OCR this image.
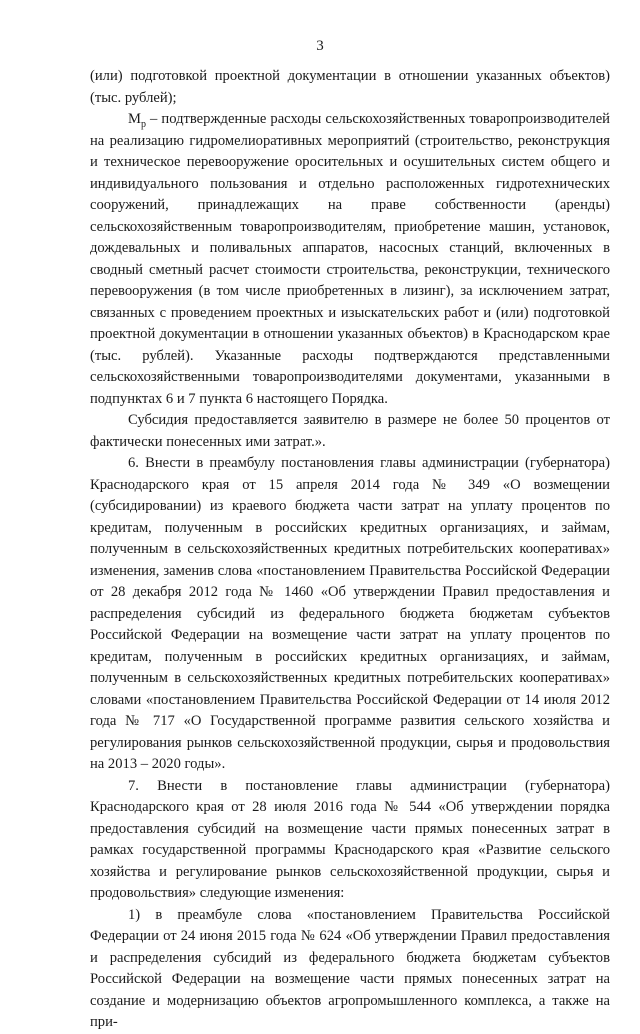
3

(или) подготовкой проектной документации в отношении указанных объектов) (тыс. рублей);

$М_р$ – подтвержденные расходы сельскохозяйственных товаропроизводителей на реализацию гидромелиоративных мероприятий (строительство, реконструкция и техническое перевооружение оросительных и осушительных систем общего и индивидуального пользования и отдельно расположенных гидротехнических сооружений, принадлежащих на праве собственности (аренды) сельскохозяйственным товаропроизводителям, приобретение машин, установок, дождевальных и поливальных аппаратов, насосных станций, включенных в сводный сметный расчет стоимости строительства, реконструкции, технического перевооружения (в том числе приобретенных в лизинг), за исключением затрат, связанных с проведением проектных и изыскательских работ и (или) подготовкой проектной документации в отношении указанных объектов) в Краснодарском крае (тыс. рублей). Указанные расходы подтверждаются представленными сельскохозяйственными товаропроизводителями документами, указанными в подпунктах 6 и 7 пункта 6 настоящего Порядка.

Субсидия предоставляется заявителю в размере не более 50 процентов от фактически понесенных ими затрат.».

6. Внести в преамбулу постановления главы администрации (губернатора) Краснодарского края от 15 апреля 2014 года № 349 «О возмещении (субсидировании) из краевого бюджета части затрат на уплату процентов по кредитам, полученным в российских кредитных организациях, и займам, полученным в сельскохозяйственных кредитных потребительских кооперативах» изменения, заменив слова «постановлением Правительства Российской Федерации от 28 декабря 2012 года № 1460 «Об утверждении Правил предоставления и распределения субсидий из федерального бюджета бюджетам субъектов Российской Федерации на возмещение части затрат на уплату процентов по кредитам, полученным в российских кредитных организациях, и займам, полученным в сельскохозяйственных кредитных потребительских кооперативах» словами «постановлением Правительства Российской Федерации от 14 июля 2012 года № 717 «О Государственной программе развития сельского хозяйства и регулирования рынков сельскохозяйственной продукции, сырья и продовольствия на 2013 – 2020 годы».

7. Внести в постановление главы администрации (губернатора) Краснодарского края от 28 июля 2016 года № 544 «Об утверждении порядка предоставления субсидий на возмещение части прямых понесенных затрат в рамках государственной программы Краснодарского края «Развитие сельского хозяйства и регулирование рынков сельскохозяйственной продукции, сырья и продовольствия» следующие изменения:

1) в преамбуле слова «постановлением Правительства Российской Федерации от 24 июня 2015 года № 624 «Об утверждении Правил предоставления и распределения субсидий из федерального бюджета бюджетам субъектов Российской Федерации на возмещение части прямых понесенных затрат на создание и модернизацию объектов агропромышленного комплекса, а также на при-
